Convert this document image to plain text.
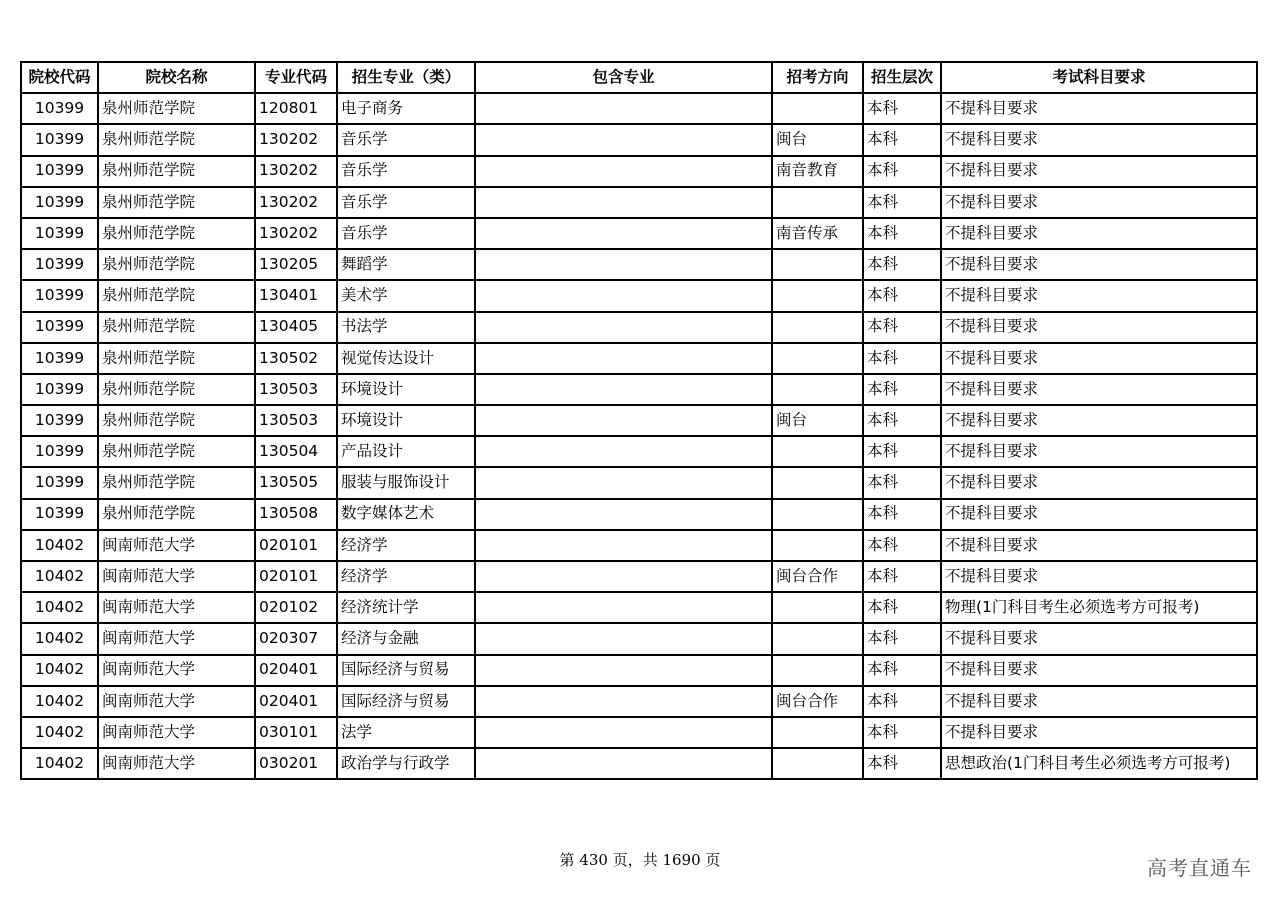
院校代码	院校名称	专业代码	招生专业（类）	包含专业	招考方向	招生层次	考试科目要求
10399	泉州师范学院	120801	电子商务			本科	不提科目要求
10399	泉州师范学院	130202	音乐学		闽台	本科	不提科目要求
10399	泉州师范学院	130202	音乐学		南音教育	本科	不提科目要求
10399	泉州师范学院	130202	音乐学			本科	不提科目要求
10399	泉州师范学院	130202	音乐学		南音传承	本科	不提科目要求
10399	泉州师范学院	130205	舞蹈学			本科	不提科目要求
10399	泉州师范学院	130401	美术学			本科	不提科目要求
10399	泉州师范学院	130405	书法学			本科	不提科目要求
10399	泉州师范学院	130502	视觉传达设计			本科	不提科目要求
10399	泉州师范学院	130503	环境设计			本科	不提科目要求
10399	泉州师范学院	130503	环境设计		闽台	本科	不提科目要求
10399	泉州师范学院	130504	产品设计			本科	不提科目要求
10399	泉州师范学院	130505	服装与服饰设计			本科	不提科目要求
10399	泉州师范学院	130508	数字媒体艺术			本科	不提科目要求
10402	闽南师范大学	020101	经济学			本科	不提科目要求
10402	闽南师范大学	020101	经济学		闽台合作	本科	不提科目要求
10402	闽南师范大学	020102	经济统计学			本科	物理(1门科目考生必须选考方可报考)
10402	闽南师范大学	020307	经济与金融			本科	不提科目要求
10402	闽南师范大学	020401	国际经济与贸易			本科	不提科目要求
10402	闽南师范大学	020401	国际经济与贸易		闽台合作	本科	不提科目要求
10402	闽南师范大学	030101	法学			本科	不提科目要求
10402	闽南师范大学	030201	政治学与行政学			本科	思想政治(1门科目考生必须选考方可报考)
第 430 页，共 1690 页	高考直通车
